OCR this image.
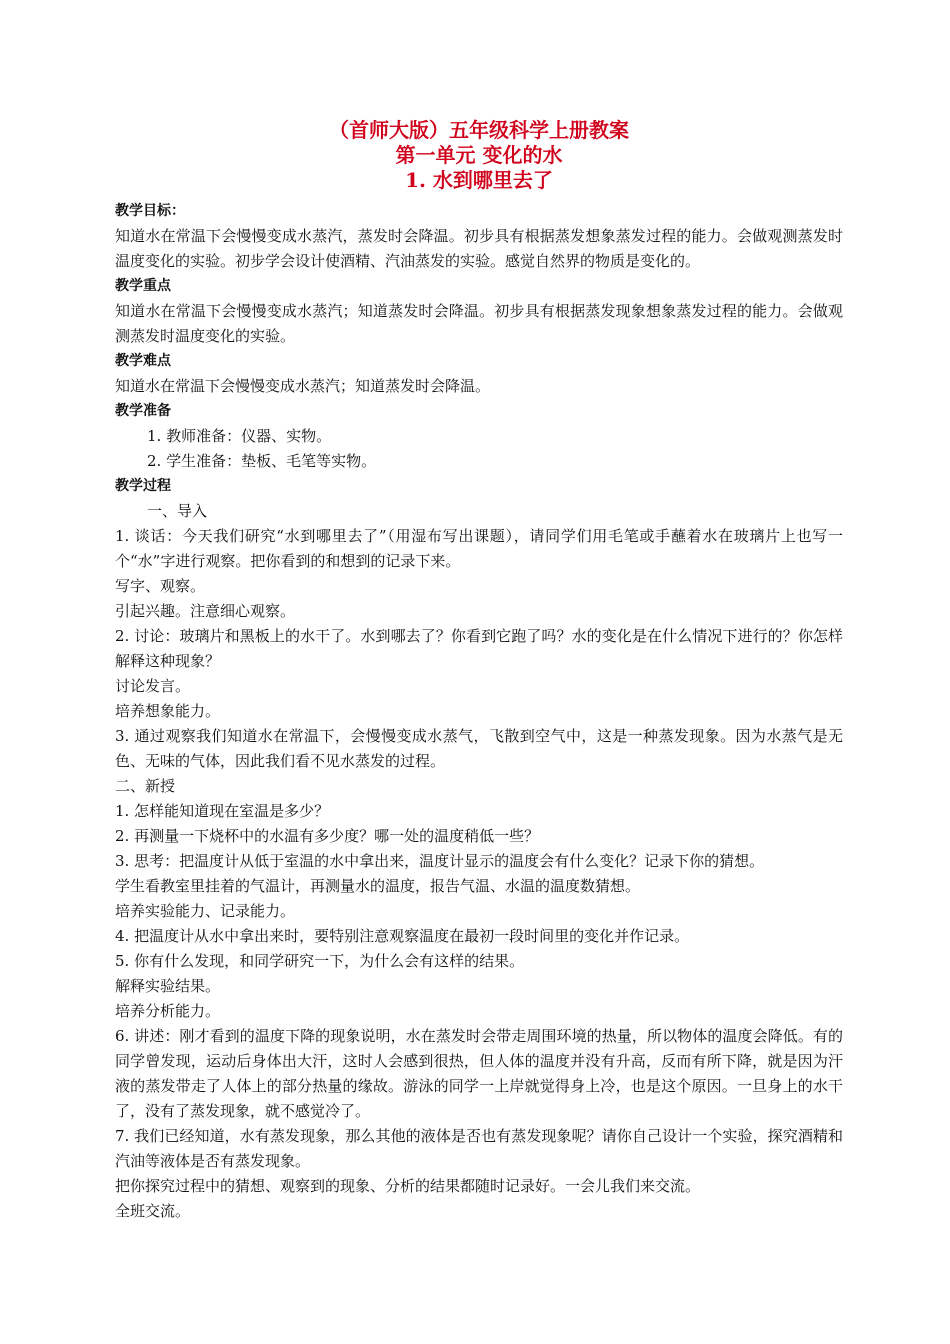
（首师大版）五年级科学上册教案
第一单元 变化的水
1. 水到哪里去了
教学目标：
知道水在常温下会慢慢变成水蒸汽，蒸发时会降温。初步具有根据蒸发想象蒸发过程的能力。会做观测蒸发时温度变化的实验。初步学会设计使酒精、汽油蒸发的实验。感觉自然界的物质是变化的。
教学重点
知道水在常温下会慢慢变成水蒸汽；知道蒸发时会降温。初步具有根据蒸发现象想象蒸发过程的能力。会做观测蒸发时温度变化的实验。
教学难点
知道水在常温下会慢慢变成水蒸汽；知道蒸发时会降温。
教学准备
1. 教师准备：仪器、实物。
2. 学生准备：垫板、毛笔等实物。
教学过程
一、导入
1. 谈话：今天我们研究“水到哪里去了”（用湿布写出课题），请同学们用毛笔或手蘸着水在玻璃片上也写一个“水”字进行观察。把你看到的和想到的记录下来。
写字、观察。
引起兴趣。注意细心观察。
2. 讨论：玻璃片和黑板上的水干了。水到哪去了？你看到它跑了吗？水的变化是在什么情况下进行的？你怎样解释这种现象？
讨论发言。
培养想象能力。
3. 通过观察我们知道水在常温下，会慢慢变成水蒸气，飞散到空气中，这是一种蒸发现象。因为水蒸气是无色、无味的气体，因此我们看不见水蒸发的过程。
二、新授
1. 怎样能知道现在室温是多少？
2. 再测量一下烧杯中的水温有多少度？哪一处的温度稍低一些？
3. 思考：把温度计从低于室温的水中拿出来，温度计显示的温度会有什么变化？记录下你的猜想。
学生看教室里挂着的气温计，再测量水的温度，报告气温、水温的温度数猜想。
培养实验能力、记录能力。
4. 把温度计从水中拿出来时，要特别注意观察温度在最初一段时间里的变化并作记录。
5. 你有什么发现，和同学研究一下，为什么会有这样的结果。
解释实验结果。
培养分析能力。
6. 讲述：刚才看到的温度下降的现象说明，水在蒸发时会带走周围环境的热量，所以物体的温度会降低。有的同学曾发现，运动后身体出大汗，这时人会感到很热，但人体的温度并没有升高，反而有所下降，就是因为汗液的蒸发带走了人体上的部分热量的缘故。游泳的同学一上岸就觉得身上冷，也是这个原因。一旦身上的水干了，没有了蒸发现象，就不感觉冷了。
7. 我们已经知道，水有蒸发现象，那么其他的液体是否也有蒸发现象呢？请你自己设计一个实验，探究酒精和汽油等液体是否有蒸发现象。
把你探究过程中的猜想、观察到的现象、分析的结果都随时记录好。一会儿我们来交流。
全班交流。
